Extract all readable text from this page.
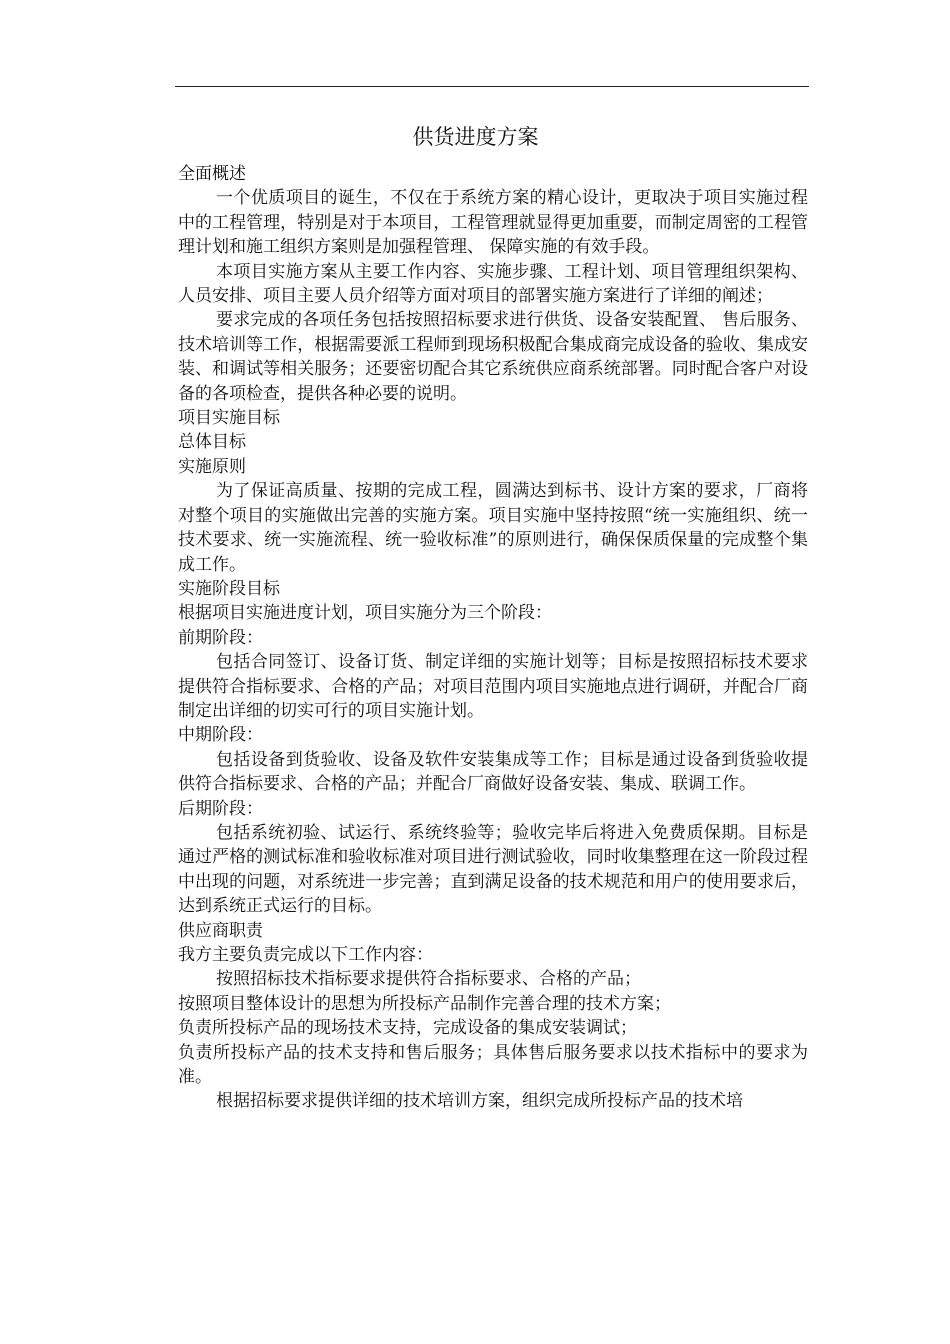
供货进度方案

全面概述

一个优质项目的诞生，不仅在于系统方案的精心设计，更取决于项目实施过程中的工程管理，特别是对于本项目，工程管理就显得更加重要，而制定周密的工程管理计划和施工组织方案则是加强程管理、 保障实施的有效手段。

本项目实施方案从主要工作内容、实施步骤、工程计划、项目管理组织架构、人员安排、项目主要人员介绍等方面对项目的部署实施方案进行了详细的阐述；

要求完成的各项任务包括按照招标要求进行供货、设备安装配置、 售后服务、技术培训等工作，根据需要派工程师到现场积极配合集成商完成设备的验收、集成安装、和调试等相关服务；还要密切配合其它系统供应商系统部署。同时配合客户对设备的各项检查，提供各种必要的说明。

项目实施目标

总体目标

实施原则

为了保证高质量、按期的完成工程，圆满达到标书、设计方案的要求，厂商将对整个项目的实施做出完善的实施方案。项目实施中坚持按照“统一实施组织、统一技术要求、统一实施流程、统一验收标准”的原则进行，确保保质保量的完成整个集成工作。

实施阶段目标

根据项目实施进度计划，项目实施分为三个阶段：

前期阶段：

包括合同签订、设备订货、制定详细的实施计划等；目标是按照招标技术要求提供符合指标要求、合格的产品；对项目范围内项目实施地点进行调研，并配合厂商制定出详细的切实可行的项目实施计划。

中期阶段：

包括设备到货验收、设备及软件安装集成等工作；目标是通过设备到货验收提供符合指标要求、合格的产品；并配合厂商做好设备安装、集成、联调工作。

后期阶段：

包括系统初验、试运行、系统终验等；验收完毕后将进入免费质保期。目标是通过严格的测试标准和验收标准对项目进行测试验收，同时收集整理在这一阶段过程中出现的问题，对系统进一步完善；直到满足设备的技术规范和用户的使用要求后，达到系统正式运行的目标。

供应商职责

我方主要负责完成以下工作内容：

按照招标技术指标要求提供符合指标要求、合格的产品；

按照项目整体设计的思想为所投标产品制作完善合理的技术方案；

负责所投标产品的现场技术支持，完成设备的集成安装调试；

负责所投标产品的技术支持和售后服务；具体售后服务要求以技术指标中的要求为准。

根据招标要求提供详细的技术培训方案，组织完成所投标产品的技术培
